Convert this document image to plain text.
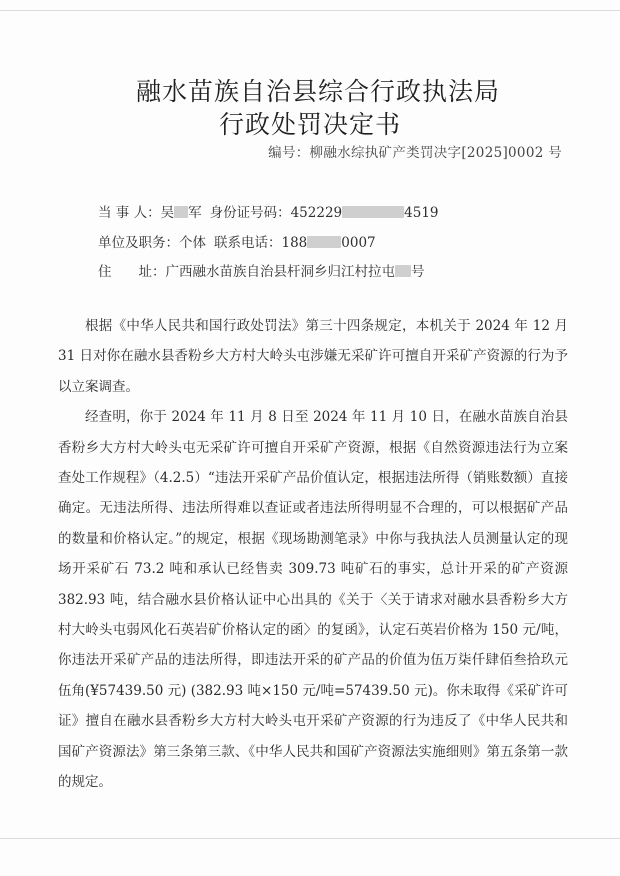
融水苗族自治县综合行政执法局
行政处罚决定书
编号：柳融水综执矿产类罚决字[2025]0002 号
当 事 人：吴 军 身份证号码：452229	4519
单位及职务：个体 联系电话：188	0007
住　　址：广西融水苗族自治县杆洞乡归江村拉屯 号

根据《中华人民共和国行政处罚法》第三十四条规定，本机关于 2024 年 12 月 31 日对你在融水县香粉乡大方村大岭头屯涉嫌无采矿许可擅自开采矿产资源的行为予以立案调查。

经查明，你于 2024 年 11 月 8 日至 2024 年 11 月 10 日，在融水苗族自治县香粉乡大方村大岭头屯无采矿许可擅自开采矿产资源，根据《自然资源违法行为立案查处工作规程》（4.2.5）“违法开采矿产品价值认定，根据违法所得（销账数额）直接确定。无违法所得、违法所得难以查证或者违法所得明显不合理的，可以根据矿产品的数量和价格认定。”的规定，根据《现场勘测笔录》中你与我执法人员测量认定的现场开采矿石 73.2 吨和承认已经售卖 309.73 吨矿石的事实，总计开采的矿产资源 382.93 吨，结合融水县价格认证中心出具的《关于〈关于请求对融水县香粉乡大方村大岭头屯弱风化石英岩矿价格认定的函〉的复函》，认定石英岩价格为 150 元/吨，你违法开采矿产品的违法所得，即违法开采的矿产品的价值为伍万柒仟肆佰叁拾玖元伍角(¥57439.50 元) (382.93 吨×150 元/吨=57439.50 元)。你未取得《采矿许可证》擅自在融水县香粉乡大方村大岭头屯开采矿产资源的行为违反了《中华人民共和国矿产资源法》第三条第三款、《中华人民共和国矿产资源法实施细则》第五条第一款的规定。
